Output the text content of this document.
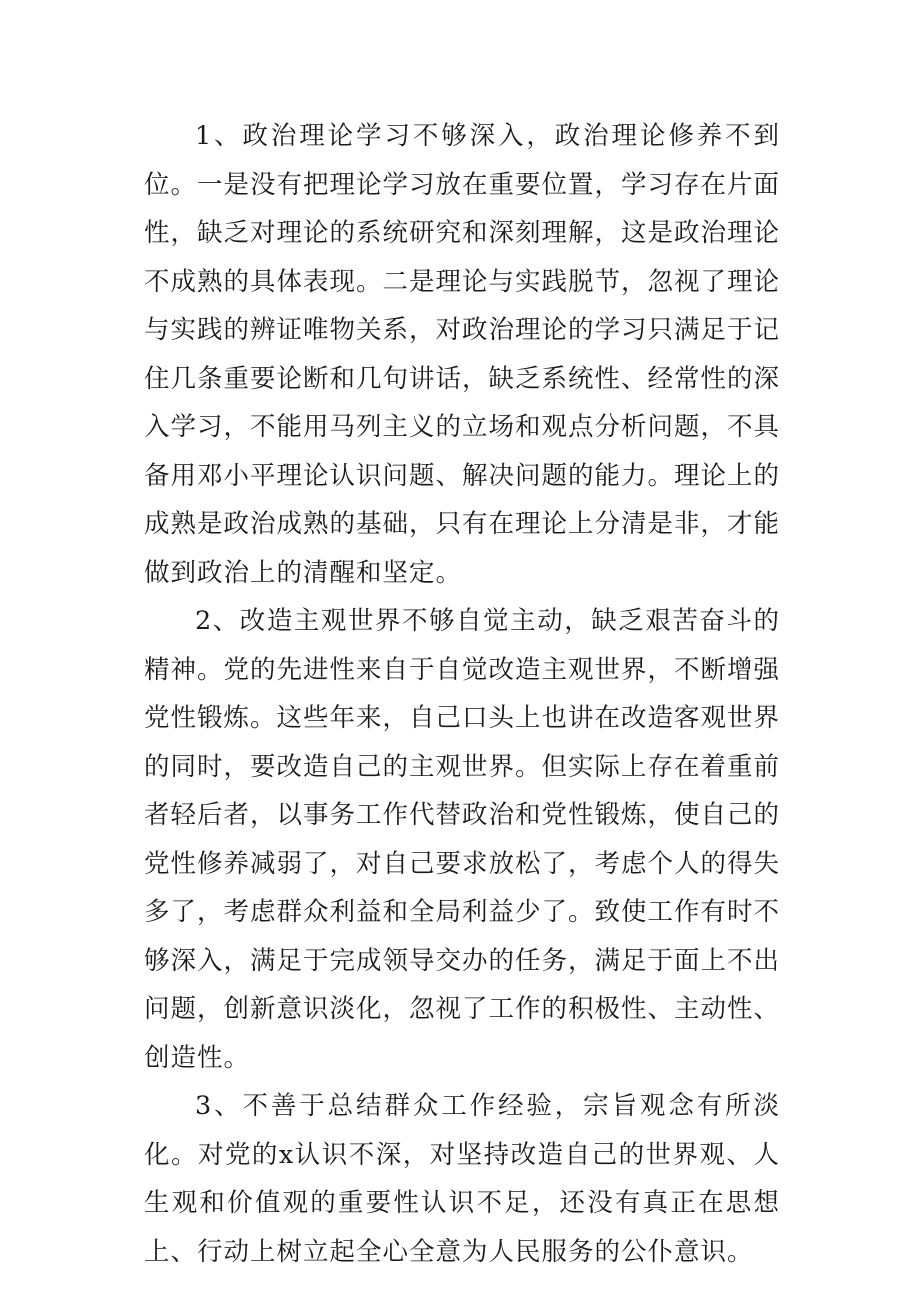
1、政治理论学习不够深入，政治理论修养不到位。一是没有把理论学习放在重要位置，学习存在片面性，缺乏对理论的系统研究和深刻理解，这是政治理论不成熟的具体表现。二是理论与实践脱节，忽视了理论与实践的辨证唯物关系，对政治理论的学习只满足于记住几条重要论断和几句讲话，缺乏系统性、经常性的深入学习，不能用马列主义的立场和观点分析问题，不具备用邓小平理论认识问题、解决问题的能力。理论上的成熟是政治成熟的基础，只有在理论上分清是非，才能做到政治上的清醒和坚定。

2、改造主观世界不够自觉主动，缺乏艰苦奋斗的精神。党的先进性来自于自觉改造主观世界，不断增强党性锻炼。这些年来，自己口头上也讲在改造客观世界的同时，要改造自己的主观世界。但实际上存在着重前者轻后者，以事务工作代替政治和党性锻炼，使自己的党性修养减弱了，对自己要求放松了，考虑个人的得失多了，考虑群众利益和全局利益少了。致使工作有时不够深入，满足于完成领导交办的任务，满足于面上不出问题，创新意识淡化，忽视了工作的积极性、主动性、创造性。

3、不善于总结群众工作经验，宗旨观念有所淡化。对党的x认识不深，对坚持改造自己的世界观、人生观和价值观的重要性认识不足，还没有真正在思想上、行动上树立起全心全意为人民服务的公仆意识。
